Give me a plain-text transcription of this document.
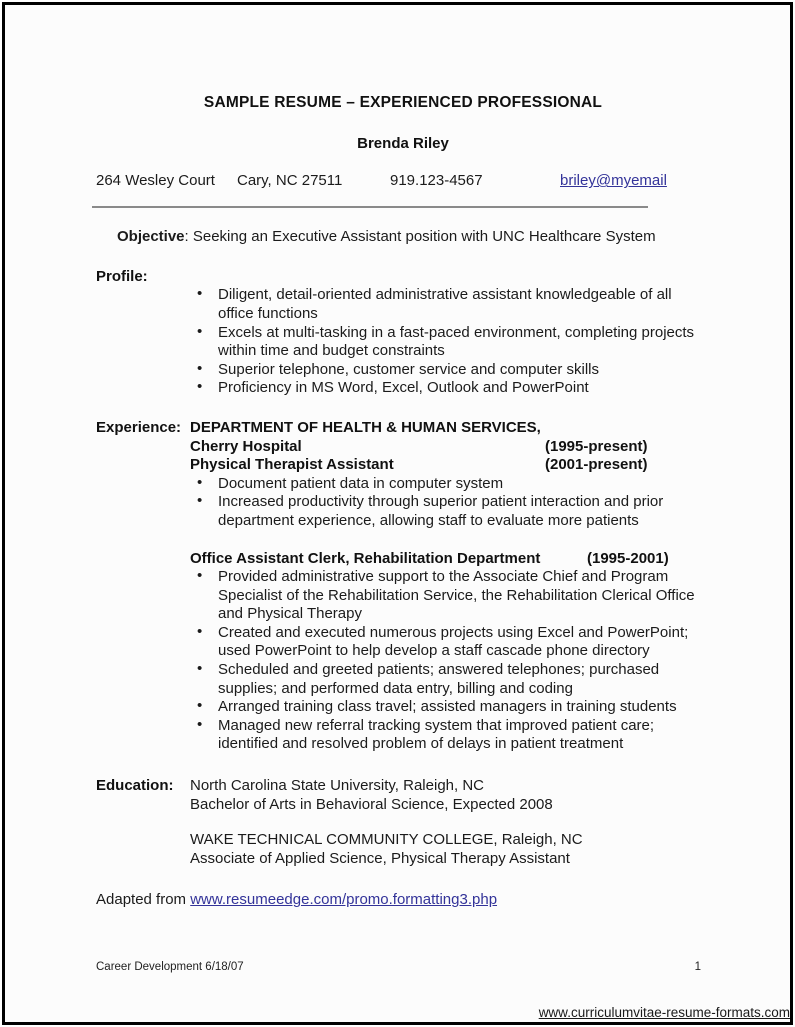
SAMPLE RESUME – EXPERIENCED PROFESSIONAL
Brenda Riley
264 Wesley Court Cary, NC 27511	919.123-4567	briley@myemail
Objective: Seeking an Executive Assistant position with UNC Healthcare System
Profile:
• Diligent, detail-oriented administrative assistant knowledgeable of all office functions
• Excels at multi-tasking in a fast-paced environment, completing projects within time and budget constraints
• Superior telephone, customer service and computer skills
• Proficiency in MS Word, Excel, Outlook and PowerPoint
Experience: DEPARTMENT OF HEALTH & HUMAN SERVICES,
Cherry Hospital	(1995-present)
Physical Therapist Assistant	(2001-present)
• Document patient data in computer system
• Increased productivity through superior patient interaction and prior department experience, allowing staff to evaluate more patients
Office Assistant Clerk, Rehabilitation Department	(1995-2001)
• Provided administrative support to the Associate Chief and Program Specialist of the Rehabilitation Service, the Rehabilitation Clerical Office and Physical Therapy
• Created and executed numerous projects using Excel and PowerPoint; used PowerPoint to help develop a staff cascade phone directory
• Scheduled and greeted patients; answered telephones; purchased supplies; and performed data entry, billing and coding
• Arranged training class travel; assisted managers in training students
• Managed new referral tracking system that improved patient care; identified and resolved problem of delays in patient treatment
Education:	North Carolina State University, Raleigh, NC
Bachelor of Arts in Behavioral Science, Expected 2008
WAKE TECHNICAL COMMUNITY COLLEGE, Raleigh, NC
Associate of Applied Science, Physical Therapy Assistant
Adapted from www.resumeedge.com/promo.formatting3.php
Career Development 6/18/07	1
www.curriculumvitae-resume-formats.com
